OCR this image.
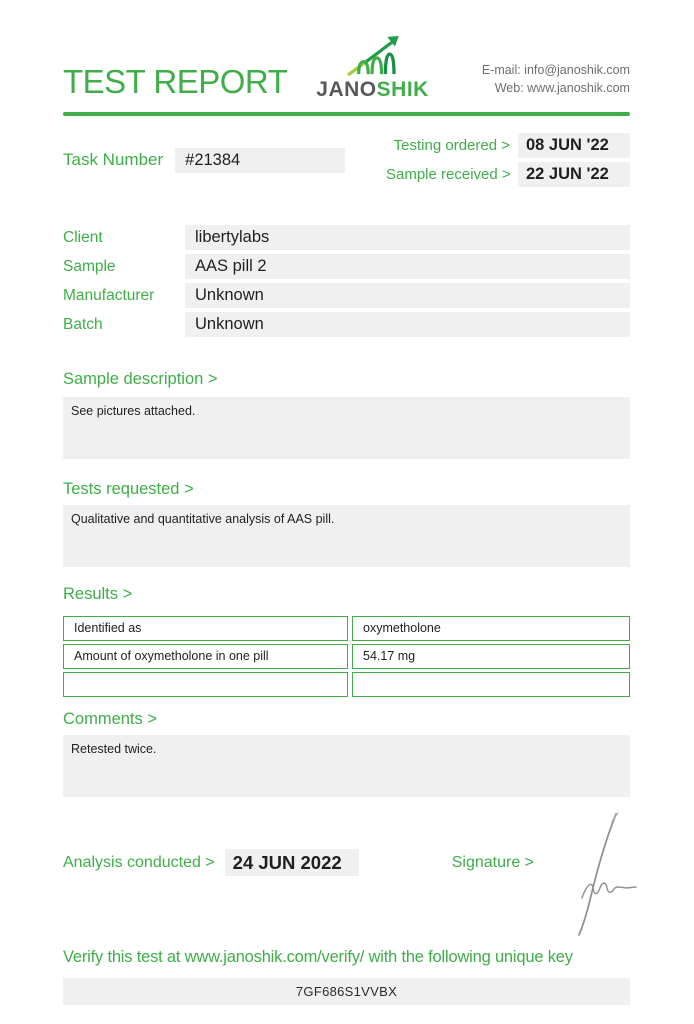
TEST REPORT JANOSHIK
E-mail: info@janoshik.com
Web: www.janoshik.com
Task Number	#21384
Testing ordered > 08 JUN '22
Sample received > 22 JUN '22
Client	libertylabs
Sample	AAS pill 2
Manufacturer	Unknown
Batch	Unknown
Sample description >
See pictures attached.
Tests requested >
Qualitative and quantitative analysis of AAS pill.
Results >
Identified as	oxymetholone
Amount of oxymetholone in one pill	54.17 mg
Comments >
Retested twice.
Analysis conducted > 24 JUN 2022	Signature >
Verify this test at www.janoshik.com/verify/ with the following unique key
7GF686S1VVBX
